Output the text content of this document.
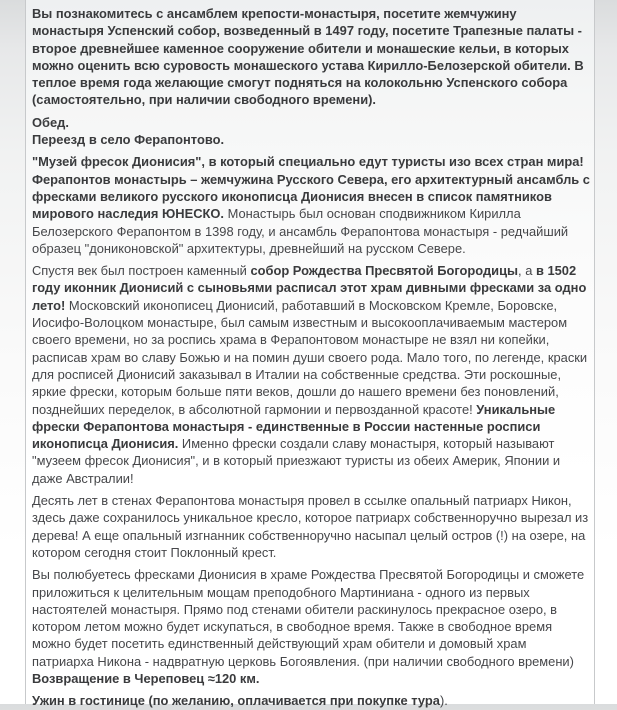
Вы познакомитесь с ансамблем крепости-монастыря, посетите жемчужину монастыря Успенский собор, возведенный в 1497 году, посетите Трапезные палаты - второе древнейшее каменное сооружение обители и монашеские кельи, в которых можно оценить всю суровость монашеского устава Кирилло-Белозерской обители. В теплое время года желающие смогут подняться на колокольню Успенского собора (самостоятельно, при наличии свободного времени).

Обед.
Переезд в село Ферапонтово.

"Музей фресок Дионисия", в который специально едут туристы изо всех стран мира! Ферапонтов монастырь – жемчужина Русского Севера, его архитектурный ансамбль с фресками великого русского иконописца Дионисия внесен в список памятников мирового наследия ЮНЕСКО. Монастырь был основан сподвижником Кирилла Белозерского Ферапонтом в 1398 году, и ансамбль Ферапонтова монастыря - редчайший образец "дониконовской" архитектуры, древнейший на русском Севере.

Спустя век был построен каменный собор Рождества Пресвятой Богородицы, а в 1502 году иконник Дионисий с сыновьями расписал этот храм дивными фресками за одно лето! Московский иконописец Дионисий, работавший в Московском Кремле, Боровске, Иосифо-Волоцком монастыре, был самым известным и высокооплачиваемым мастером своего времени, но за роспись храма в Ферапонтовом монастыре не взял ни копейки, расписав храм во славу Божью и на помин души своего рода. Мало того, по легенде, краски для росписей Дионисий заказывал в Италии на собственные средства. Эти роскошные, яркие фрески, которым больше пяти веков, дошли до нашего времени без поновлений, позднейших переделок, в абсолютной гармонии и первозданной красоте! Уникальные фрески Ферапонтова монастыря - единственные в России настенные росписи иконописца Дионисия. Именно фрески создали славу монастыря, который называют "музеем фресок Дионисия", и в который приезжают туристы из обеих Америк, Японии и даже Австралии!

Десять лет в стенах Ферапонтова монастыря провел в ссылке опальный патриарх Никон, здесь даже сохранилось уникальное кресло, которое патриарх собственноручно вырезал из дерева! А еще опальный изгнанник собственноручно насыпал целый остров (!) на озере, на котором сегодня стоит Поклонный крест.

Вы полюбуетесь фресками Дионисия в храме Рождества Пресвятой Богородицы и сможете приложиться к целительным мощам преподобного Мартиниана - одного из первых настоятелей монастыря. Прямо под стенами обители раскинулось прекрасное озеро, в котором летом можно будет искупаться, в свободное время. Также в свободное время можно будет посетить единственный действующий храм обители и домовый храм патриарха Никона - надвратную церковь Богоявления. (при наличии свободного времени)
Возвращение в Череповец ≈120 км.

Ужин в гостинице (по желанию, оплачивается при покупке тура).
